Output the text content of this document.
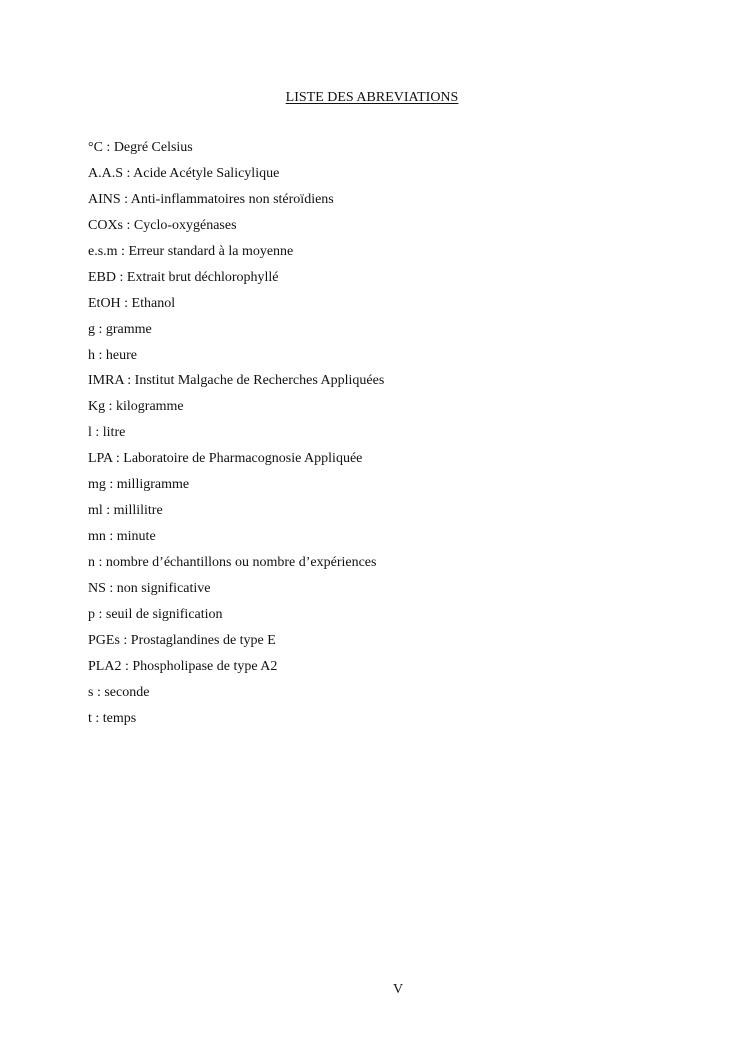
LISTE DES ABREVIATIONS
°C : Degré Celsius
A.A.S : Acide Acétyle Salicylique
AINS : Anti-inflammatoires non stéroïdiens
COXs : Cyclo-oxygénases
e.s.m : Erreur standard à la moyenne
EBD : Extrait brut déchlorophyllé
EtOH : Ethanol
g : gramme
h : heure
IMRA : Institut Malgache de Recherches Appliquées
Kg : kilogramme
l : litre
LPA : Laboratoire de Pharmacognosie Appliquée
mg : milligramme
ml : millilitre
mn : minute
n : nombre d’échantillons ou nombre d’expériences
NS : non significative
p : seuil de signification
PGEs : Prostaglandines de type E
PLA2 : Phospholipase de type A2
s : seconde
t : temps
V
